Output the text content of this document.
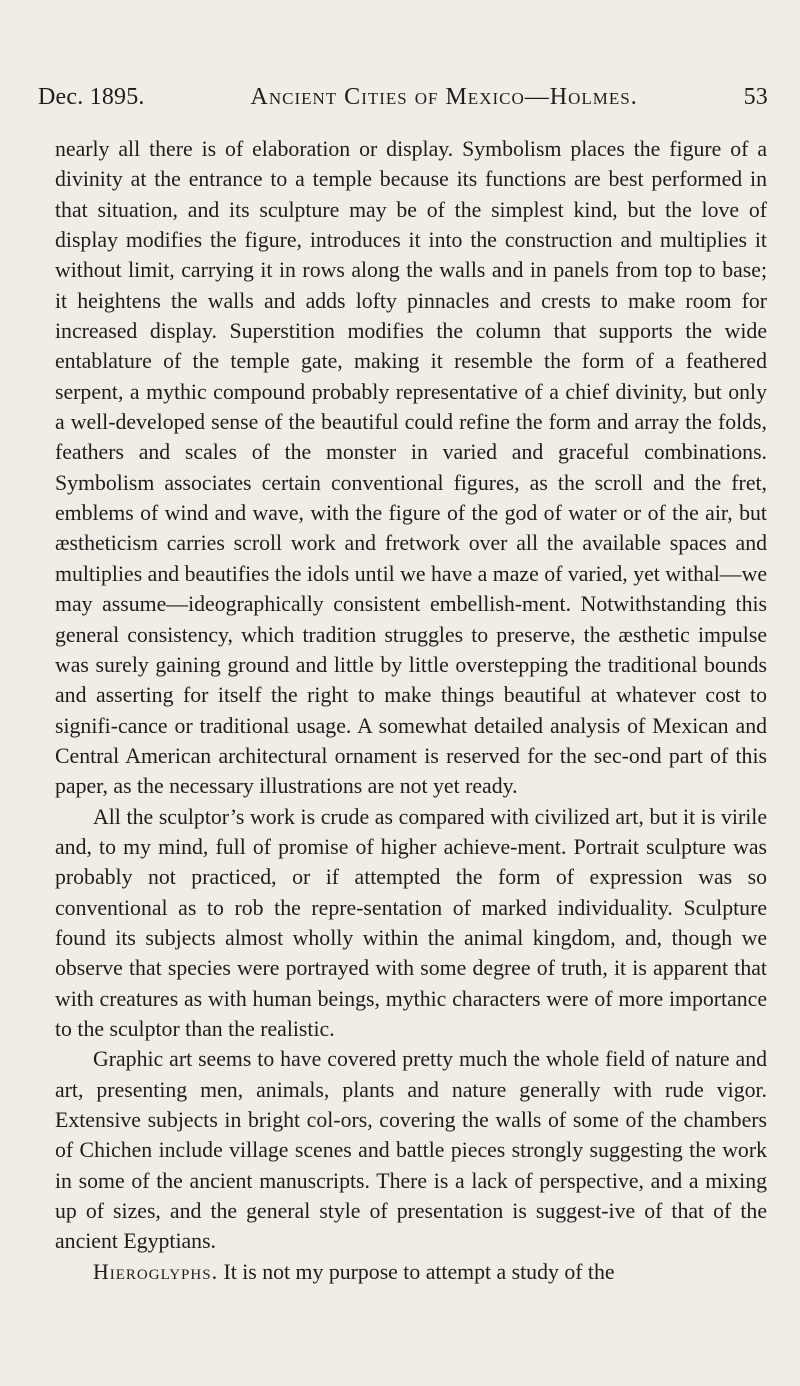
Dec. 1895.	Ancient Cities of Mexico—Holmes.	53

nearly all there is of elaboration or display. Symbolism places the figure of a divinity at the entrance to a temple because its functions are best performed in that situation, and its sculpture may be of the simplest kind, but the love of display modifies the figure, introduces it into the construction and multiplies it without limit, carrying it in rows along the walls and in panels from top to base; it heightens the walls and adds lofty pinnacles and crests to make room for increased display. Superstition modifies the column that supports the wide entablature of the temple gate, making it resemble the form of a feathered serpent, a mythic compound probably representative of a chief divinity, but only a well-developed sense of the beautiful could refine the form and array the folds, feathers and scales of the monster in varied and graceful combinations. Symbolism associates certain conventional figures, as the scroll and the fret, emblems of wind and wave, with the figure of the god of water or of the air, but æstheticism carries scroll work and fretwork over all the available spaces and multiplies and beautifies the idols until we have a maze of varied, yet withal—we may assume—ideographically consistent embellish-ment. Notwithstanding this general consistency, which tradition struggles to preserve, the æsthetic impulse was surely gaining ground and little by little overstepping the traditional bounds and asserting for itself the right to make things beautiful at whatever cost to signifi-cance or traditional usage. A somewhat detailed analysis of Mexican and Central American architectural ornament is reserved for the sec-ond part of this paper, as the necessary illustrations are not yet ready.

All the sculptor’s work is crude as compared with civilized art, but it is virile and, to my mind, full of promise of higher achieve-ment. Portrait sculpture was probably not practiced, or if attempted the form of expression was so conventional as to rob the repre-sentation of marked individuality. Sculpture found its subjects almost wholly within the animal kingdom, and, though we observe that species were portrayed with some degree of truth, it is apparent that with creatures as with human beings, mythic characters were of more importance to the sculptor than the realistic.

Graphic art seems to have covered pretty much the whole field of nature and art, presenting men, animals, plants and nature generally with rude vigor. Extensive subjects in bright col-ors, covering the walls of some of the chambers of Chichen include village scenes and battle pieces strongly suggesting the work in some of the ancient manuscripts. There is a lack of perspective, and a mixing up of sizes, and the general style of presentation is suggest-ive of that of the ancient Egyptians.

Hieroglyphs. It is not my purpose to attempt a study of the
